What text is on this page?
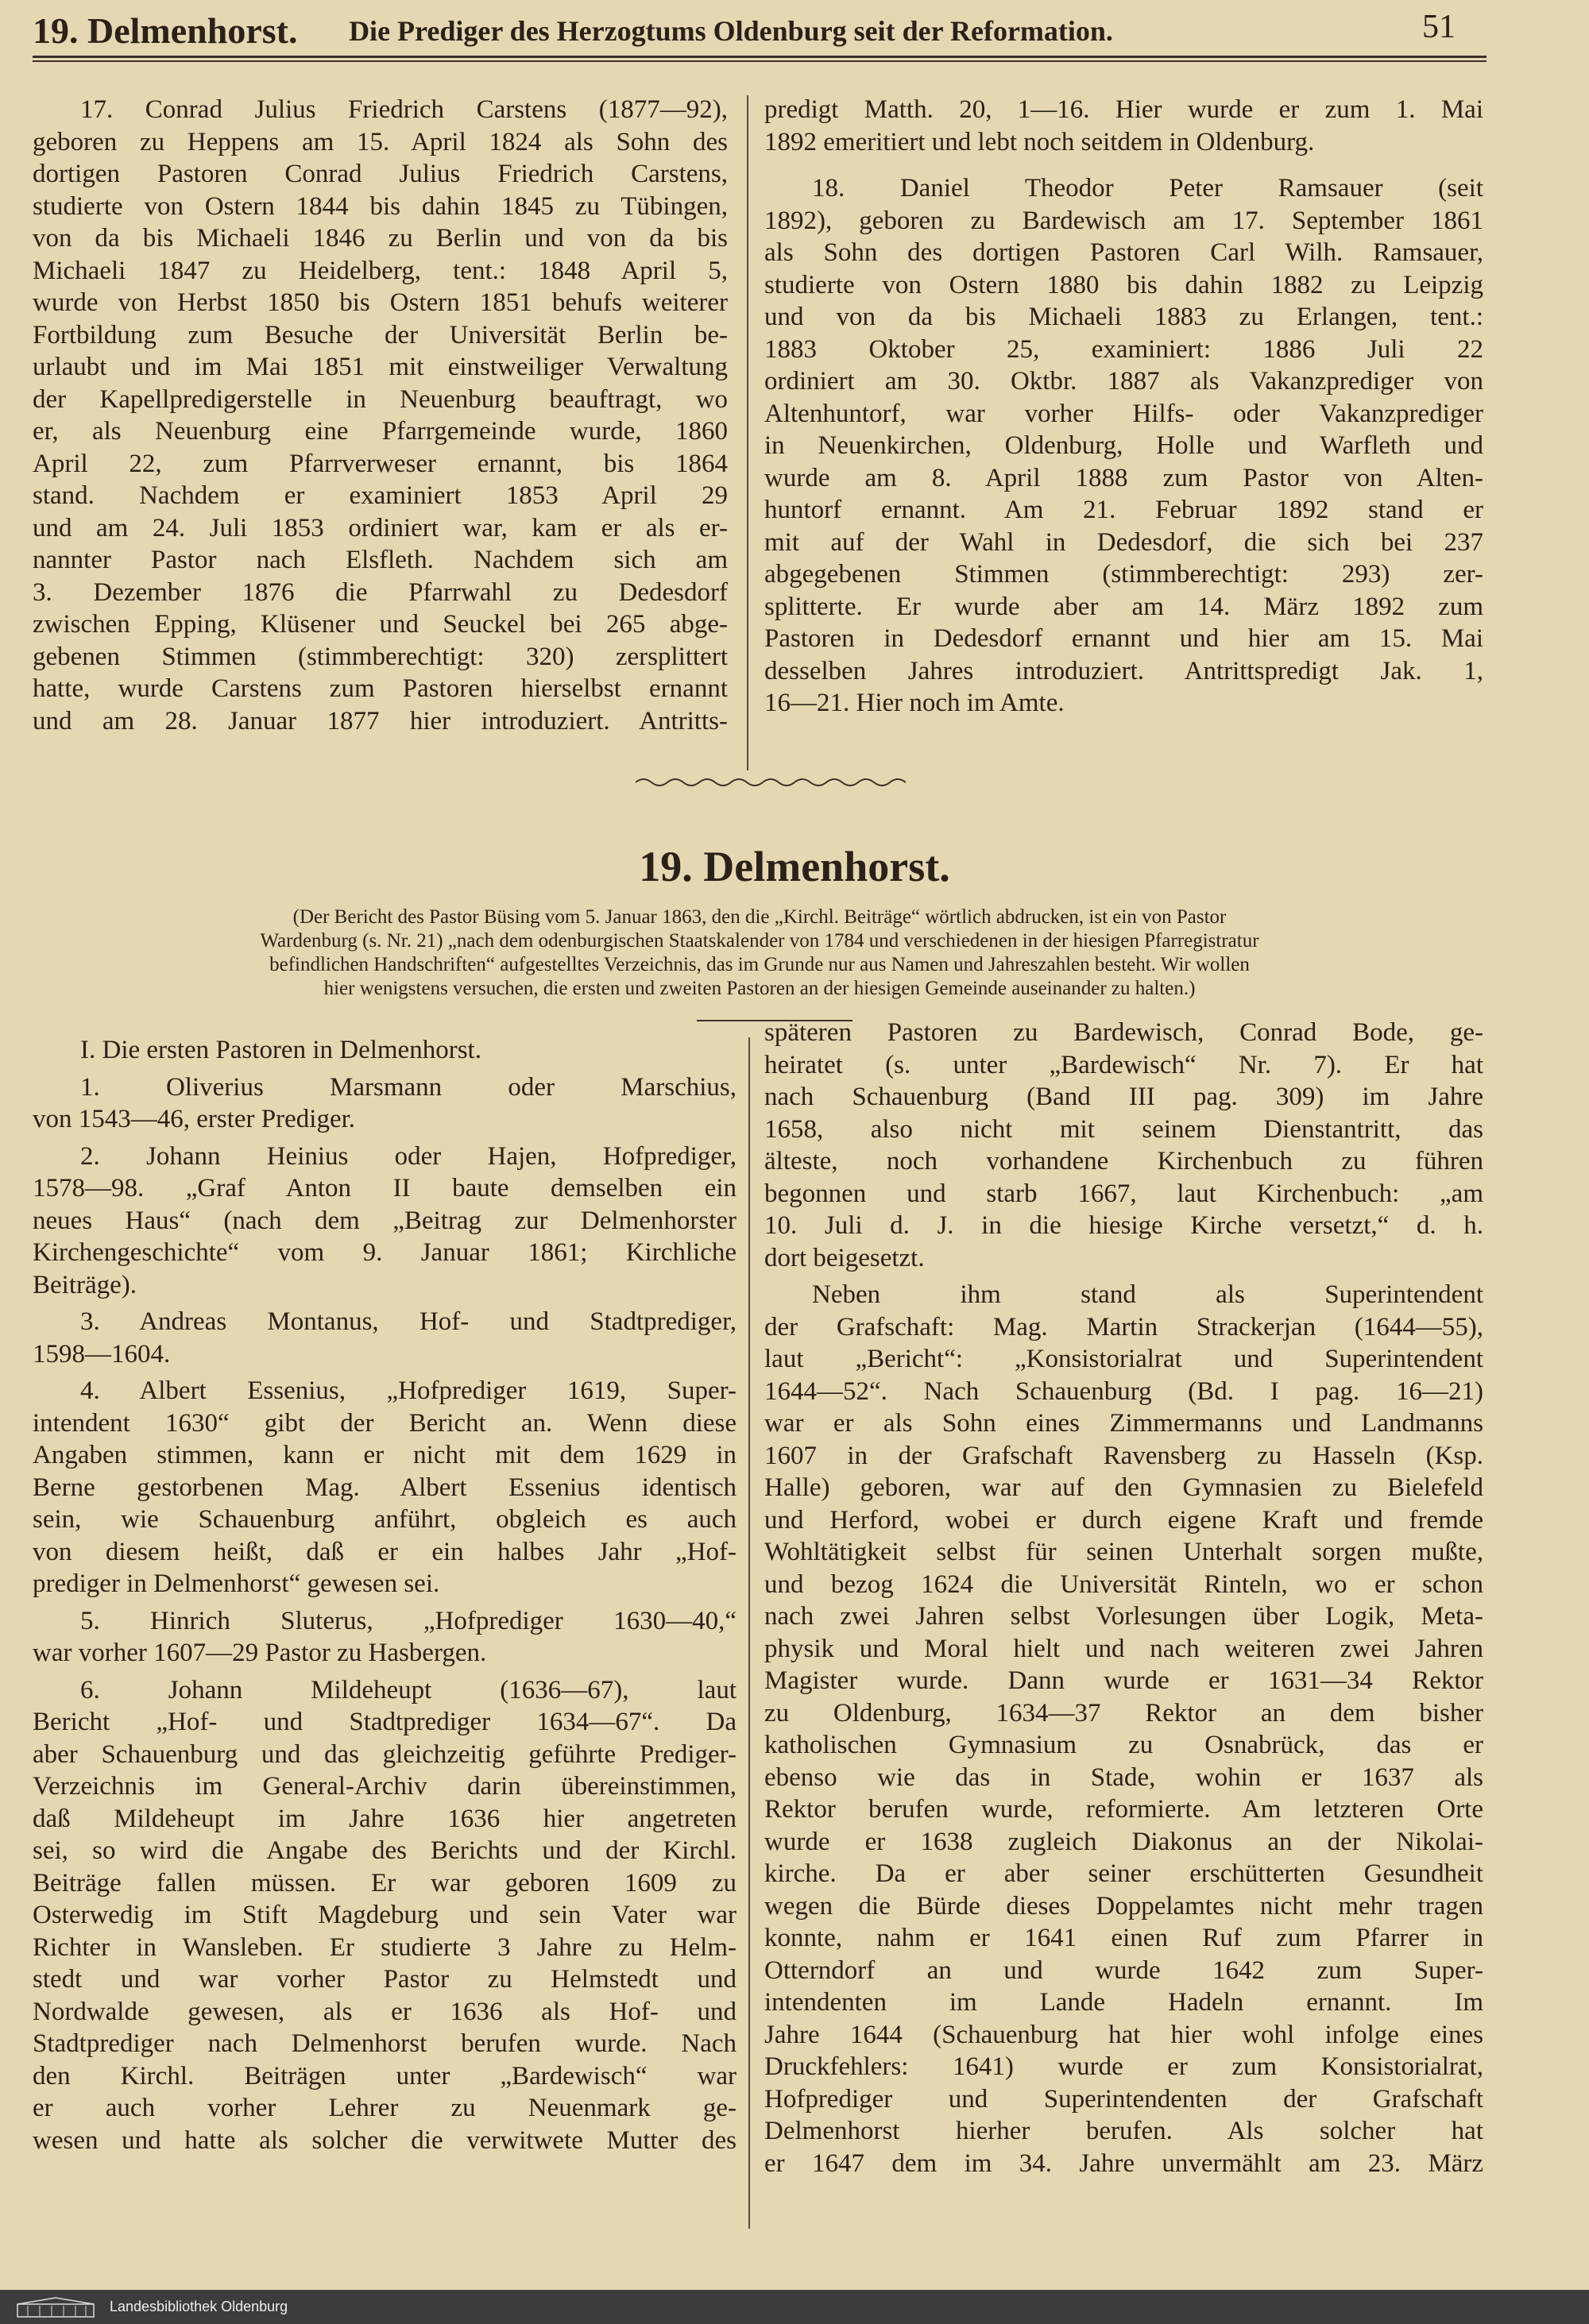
19. Delmenhorst. Die Prediger des Herzogtums Oldenburg seit der Reformation.	51
17. Conrad Julius Friedrich Carstens (1877—92),
geboren zu Heppens am 15. April 1824 als Sohn des
dortigen Pastoren Conrad Julius Friedrich Carstens,
studierte von Ostern 1844 bis dahin 1845 zu Tübingen,
von da bis Michaeli 1846 zu Berlin und von da bis
Michaeli 1847 zu Heidelberg, tent.: 1848 April 5,
wurde von Herbst 1850 bis Ostern 1851 behufs weiterer
Fortbildung zum Besuche der Universität Berlin be-
urlaubt und im Mai 1851 mit einstweiliger Verwaltung
der Kapellpredigerstelle in Neuenburg beauftragt, wo
er, als Neuenburg eine Pfarrgemeinde wurde, 1860
April 22, zum Pfarrverweser ernannt, bis 1864
stand. Nachdem er examiniert 1853 April 29
und am 24. Juli 1853 ordiniert war, kam er als er-
nannter Pastor nach Elsfleth. Nachdem sich am
3. Dezember 1876 die Pfarrwahl zu Dedesdorf
zwischen Epping, Klüsener und Seuckel bei 265 abge-
gebenen Stimmen (stimmberechtigt: 320) zersplittert
hatte, wurde Carstens zum Pastoren hierselbst ernannt
und am 28. Januar 1877 hier introduziert. Antritts-
predigt Matth. 20, 1—16. Hier wurde er zum 1. Mai
1892 emeritiert und lebt noch seitdem in Oldenburg.
18. Daniel Theodor Peter Ramsauer (seit
1892), geboren zu Bardewisch am 17. September 1861
als Sohn des dortigen Pastoren Carl Wilh. Ramsauer,
studierte von Ostern 1880 bis dahin 1882 zu Leipzig
und von da bis Michaeli 1883 zu Erlangen, tent.:
1883 Oktober 25, examiniert: 1886 Juli 22
ordiniert am 30. Oktbr. 1887 als Vakanzprediger von
Altenhuntorf, war vorher Hilfs- oder Vakanzprediger
in Neuenkirchen, Oldenburg, Holle und Warfleth und
wurde am 8. April 1888 zum Pastor von Alten-
huntorf ernannt. Am 21. Februar 1892 stand er
mit auf der Wahl in Dedesdorf, die sich bei 237
abgegebenen Stimmen (stimmberechtigt: 293) zer-
splitterte. Er wurde aber am 14. März 1892 zum
Pastoren in Dedesdorf ernannt und hier am 15. Mai
desselben Jahres introduziert. Antrittspredigt Jak. 1,
16—21. Hier noch im Amte.
19. Delmenhorst.
(Der Bericht des Pastor Büsing vom 5. Januar 1863, den die „Kirchl. Beiträge“ wörtlich abdrucken, ist ein von Pastor
Wardenburg (s. Nr. 21) „nach dem odenburgischen Staatskalender von 1784 und verschiedenen in der hiesigen Pfarregistratur
befindlichen Handschriften“ aufgestelltes Verzeichnis, das im Grunde nur aus Namen und Jahreszahlen besteht. Wir wollen
hier wenigstens versuchen, die ersten und zweiten Pastoren an der hiesigen Gemeinde auseinander zu halten.)
I. Die ersten Pastoren in Delmenhorst.
1. Oliverius Marsmann oder Marschius,
von 1543—46, erster Prediger.
2. Johann Heinius oder Hajen, Hofprediger,
1578—98. „Graf Anton II baute demselben ein
neues Haus“ (nach dem „Beitrag zur Delmenhorster
Kirchengeschichte“ vom 9. Januar 1861; Kirchliche
Beiträge).
3. Andreas Montanus, Hof- und Stadtprediger,
1598—1604.
4. Albert Essenius, „Hofprediger 1619, Super-
intendent 1630“ gibt der Bericht an. Wenn diese
Angaben stimmen, kann er nicht mit dem 1629 in
Berne gestorbenen Mag. Albert Essenius identisch
sein, wie Schauenburg anführt, obgleich es auch
von diesem heißt, daß er ein halbes Jahr „Hof-
prediger in Delmenhorst“ gewesen sei.
5. Hinrich Sluterus, „Hofprediger 1630—40,“
war vorher 1607—29 Pastor zu Hasbergen.
6. Johann Mildeheupt (1636—67), laut
Bericht „Hof- und Stadtprediger 1634—67“. Da
aber Schauenburg und das gleichzeitig geführte Prediger-
Verzeichnis im General-Archiv darin übereinstimmen,
daß Mildeheupt im Jahre 1636 hier angetreten
sei, so wird die Angabe des Berichts und der Kirchl.
Beiträge fallen müssen. Er war geboren 1609 zu
Osterwedig im Stift Magdeburg und sein Vater war
Richter in Wansleben. Er studierte 3 Jahre zu Helm-
stedt und war vorher Pastor zu Helmstedt und
Nordwalde gewesen, als er 1636 als Hof- und
Stadtprediger nach Delmenhorst berufen wurde. Nach
den Kirchl. Beiträgen unter „Bardewisch“ war
er auch vorher Lehrer zu Neuenmark ge-
wesen und hatte als solcher die verwitwete Mutter des
späteren Pastoren zu Bardewisch, Conrad Bode, ge-
heiratet (s. unter „Bardewisch“ Nr. 7). Er hat
nach Schauenburg (Band III pag. 309) im Jahre
1658, also nicht mit seinem Dienstantritt, das
älteste, noch vorhandene Kirchenbuch zu führen
begonnen und starb 1667, laut Kirchenbuch: „am
10. Juli d. J. in die hiesige Kirche versetzt,“ d. h.
dort beigesetzt.
Neben ihm stand als Superintendent
der Grafschaft: Mag. Martin Strackerjan (1644—55),
laut „Bericht“: „Konsistorialrat und Superintendent
1644—52“. Nach Schauenburg (Bd. I pag. 16—21)
war er als Sohn eines Zimmermanns und Landmanns
1607 in der Grafschaft Ravensberg zu Hasseln (Ksp.
Halle) geboren, war auf den Gymnasien zu Bielefeld
und Herford, wobei er durch eigene Kraft und fremde
Wohltätigkeit selbst für seinen Unterhalt sorgen mußte,
und bezog 1624 die Universität Rinteln, wo er schon
nach zwei Jahren selbst Vorlesungen über Logik, Meta-
physik und Moral hielt und nach weiteren zwei Jahren
Magister wurde. Dann wurde er 1631—34 Rektor
zu Oldenburg, 1634—37 Rektor an dem bisher
katholischen Gymnasium zu Osnabrück, das er
ebenso wie das in Stade, wohin er 1637 als
Rektor berufen wurde, reformierte. Am letzteren Orte
wurde er 1638 zugleich Diakonus an der Nikolai-
kirche. Da er aber seiner erschütterten Gesundheit
wegen die Bürde dieses Doppelamtes nicht mehr tragen
konnte, nahm er 1641 einen Ruf zum Pfarrer in
Otterndorf an und wurde 1642 zum Super-
intendenten im Lande Hadeln ernannt. Im
Jahre 1644 (Schauenburg hat hier wohl infolge eines
Druckfehlers: 1641) wurde er zum Konsistorialrat,
Hofprediger und Superintendenten der Grafschaft
Delmenhorst hierher berufen. Als solcher hat
er 1647 dem im 34. Jahre unvermählt am 23. März
Landesbibliothek Oldenburg
